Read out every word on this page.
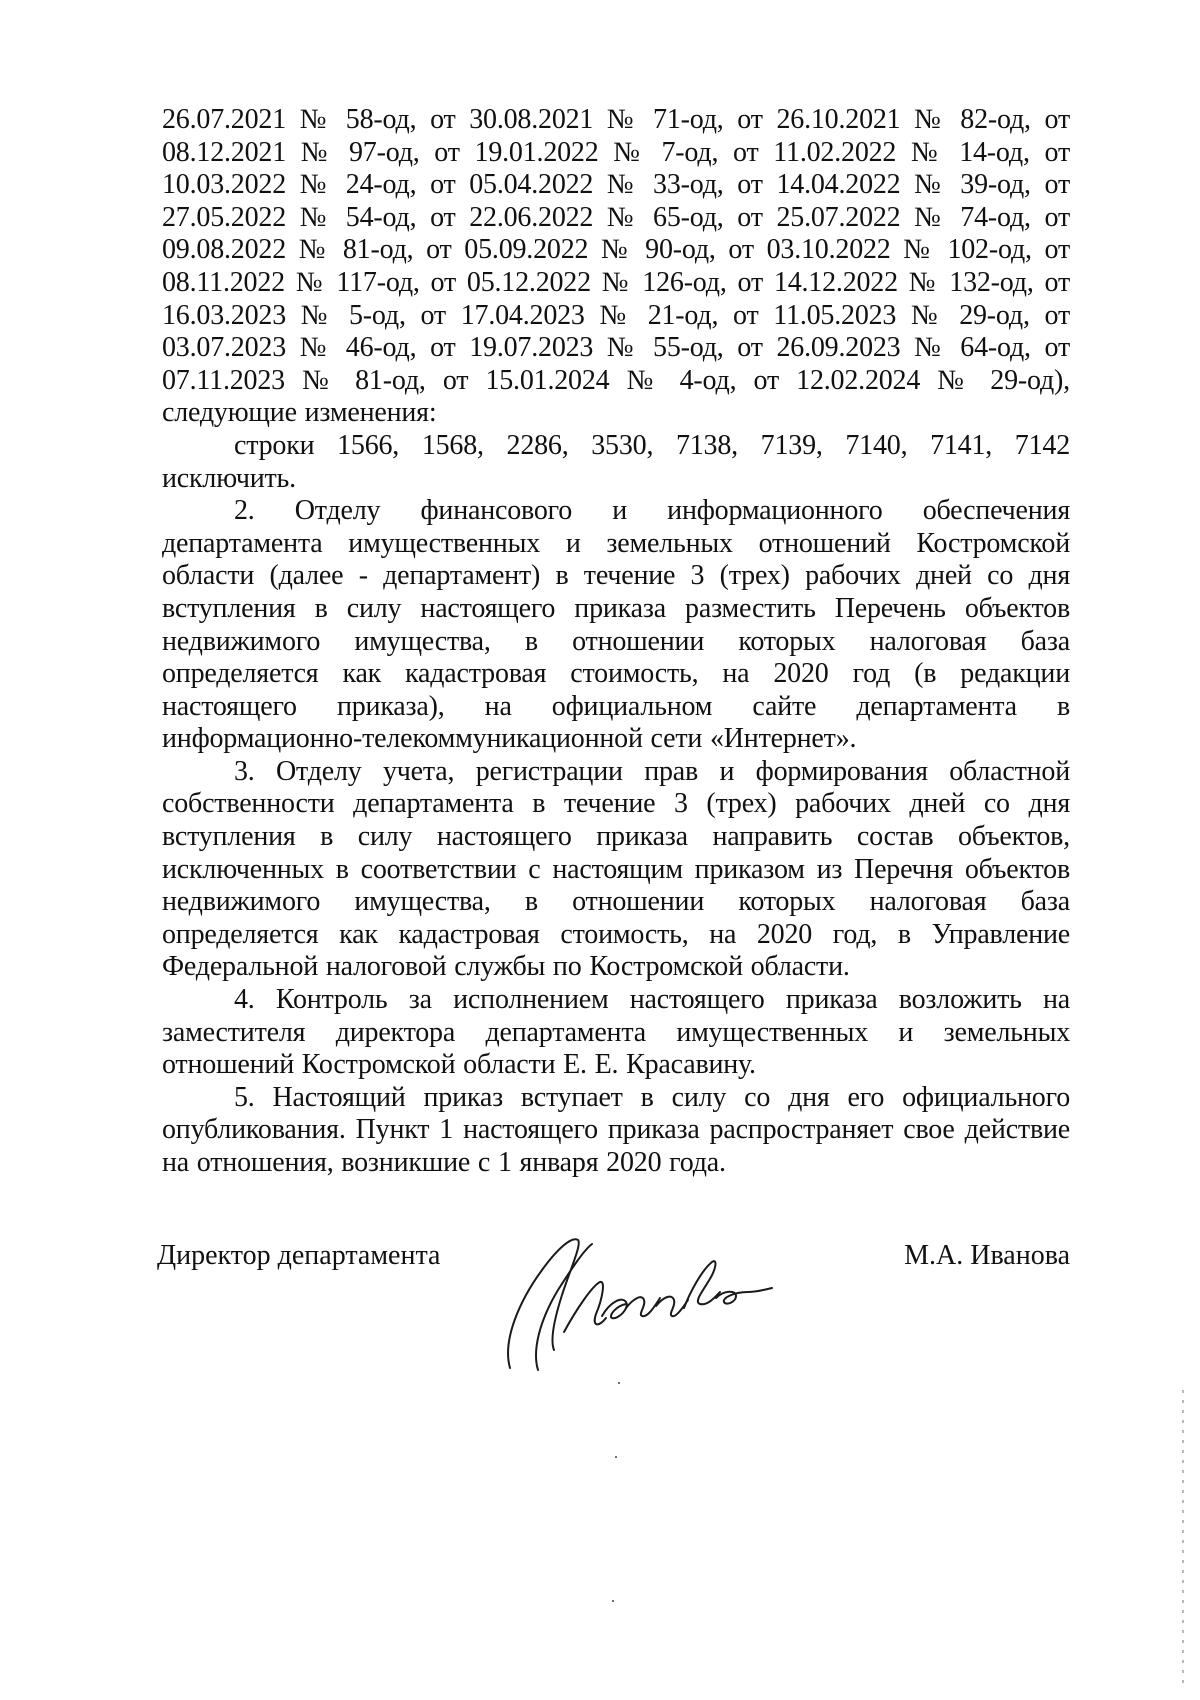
26.07.2021 № 58-од, от 30.08.2021 № 71-од, от 26.10.2021 № 82-од, от 08.12.2021 № 97-од, от 19.01.2022 № 7-од, от 11.02.2022 № 14-од, от 10.03.2022 № 24-од, от 05.04.2022 № 33-од, от 14.04.2022 № 39-од, от 27.05.2022 № 54-од, от 22.06.2022 № 65-од, от 25.07.2022 № 74-од, от 09.08.2022 № 81-од, от 05.09.2022 № 90-од, от 03.10.2022 № 102-од, от 08.11.2022 № 117-од, от 05.12.2022 № 126-од, от 14.12.2022 № 132-од, от 16.03.2023 № 5-од, от 17.04.2023 № 21-од, от 11.05.2023 № 29-од, от 03.07.2023 № 46-од, от 19.07.2023 № 55-од, от 26.09.2023 № 64-од, от 07.11.2023 № 81-од, от 15.01.2024 № 4-од, от 12.02.2024 № 29-од), следующие изменения:

строки 1566, 1568, 2286, 3530, 7138, 7139, 7140, 7141, 7142 исключить.

2. Отделу финансового и информационного обеспечения департамента имущественных и земельных отношений Костромской области (далее - департамент) в течение 3 (трех) рабочих дней со дня вступления в силу настоящего приказа разместить Перечень объектов недвижимого имущества, в отношении которых налоговая база определяется как кадастровая стоимость, на 2020 год (в редакции настоящего приказа), на официальном сайте департамента в информационно-телекоммуникационной сети «Интернет».

3. Отделу учета, регистрации прав и формирования областной собственности департамента в течение 3 (трех) рабочих дней со дня вступления в силу настоящего приказа направить состав объектов, исключенных в соответствии с настоящим приказом из Перечня объектов недвижимого имущества, в отношении которых налоговая база определяется как кадастровая стоимость, на 2020 год, в Управление Федеральной налоговой службы по Костромской области.

4. Контроль за исполнением настоящего приказа возложить на заместителя директора департамента имущественных и земельных отношений Костромской области Е. Е. Красавину.

5. Настоящий приказ вступает в силу со дня его официального опубликования. Пункт 1 настоящего приказа распространяет свое действие на отношения, возникшие с 1 января 2020 года.

Директор департамента	М.А. Иванова
